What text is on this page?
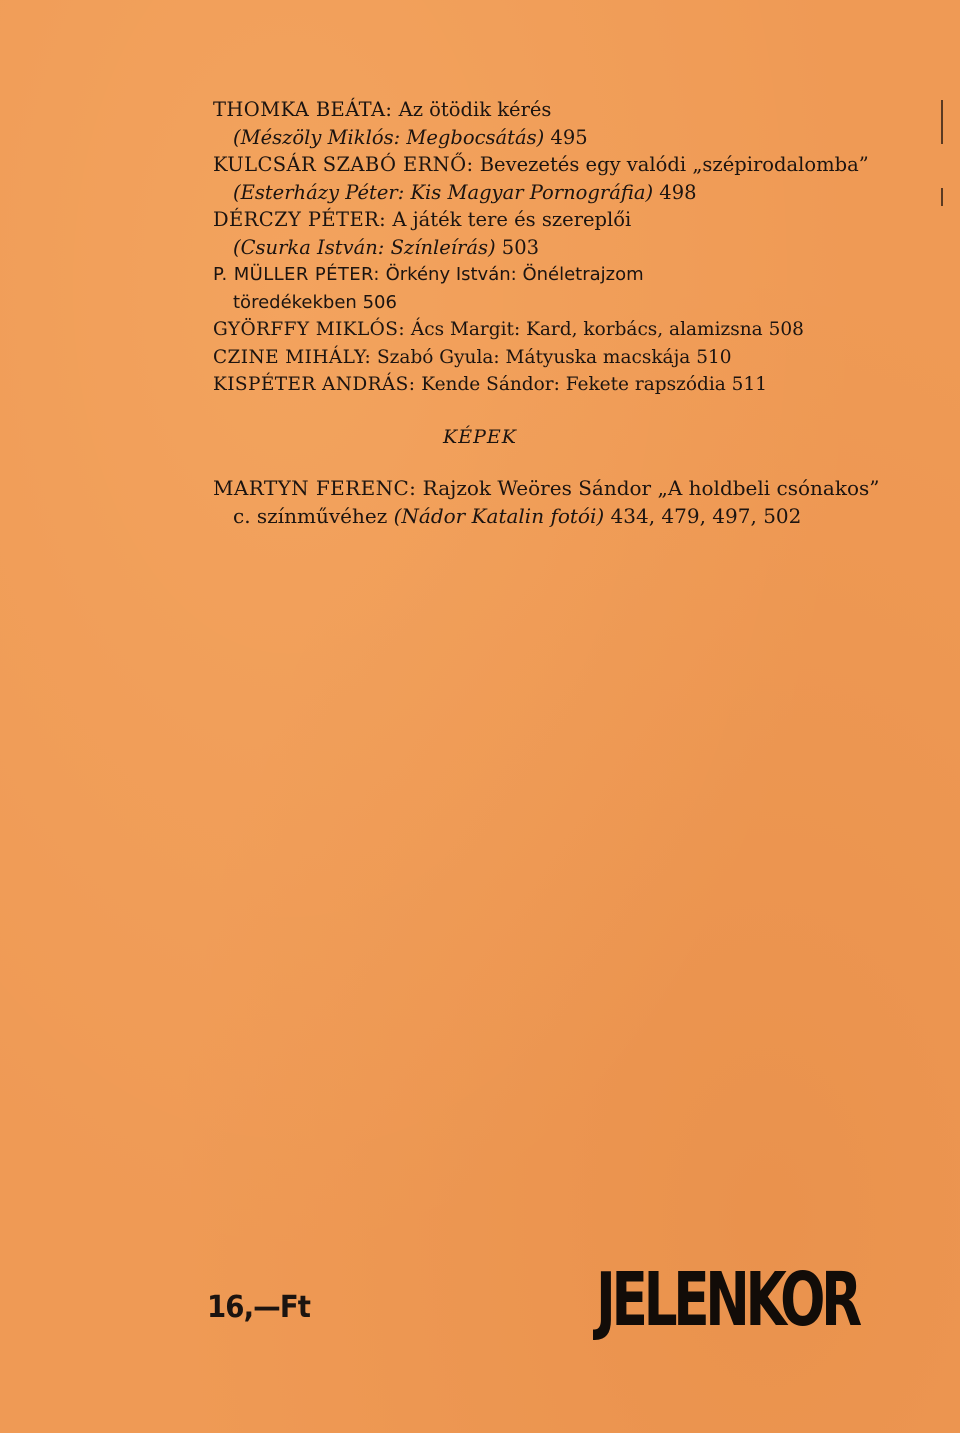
THOMKA BEÁTA: Az ötödik kérés
(Mészöly Miklós: Megbocsátás) 495
KULCSÁR SZABÓ ERNŐ: Bevezetés egy valódi „szépirodalomba”
(Esterházy Péter: Kis Magyar Pornográfia) 498
DÉRCZY PÉTER: A játék tere és szereplői
(Csurka István: Színleírás) 503
P. MÜLLER PÉTER: Örkény István: Önéletrajzom
töredékekben 506
GYÖRFFY MIKLÓS: Ács Margit: Kard, korbács, alamizsna 508
CZINE MIHÁLY: Szabó Gyula: Mátyuska macskája 510
KISPÉTER ANDRÁS: Kende Sándor: Fekete rapszódia 511
KÉPEK
MARTYN FERENC: Rajzok Weöres Sándor „A holdbeli csónakos”
c. színművéhez (Nádor Katalin fotói) 434, 479, 497, 502
16,—Ft	JELENKOR
